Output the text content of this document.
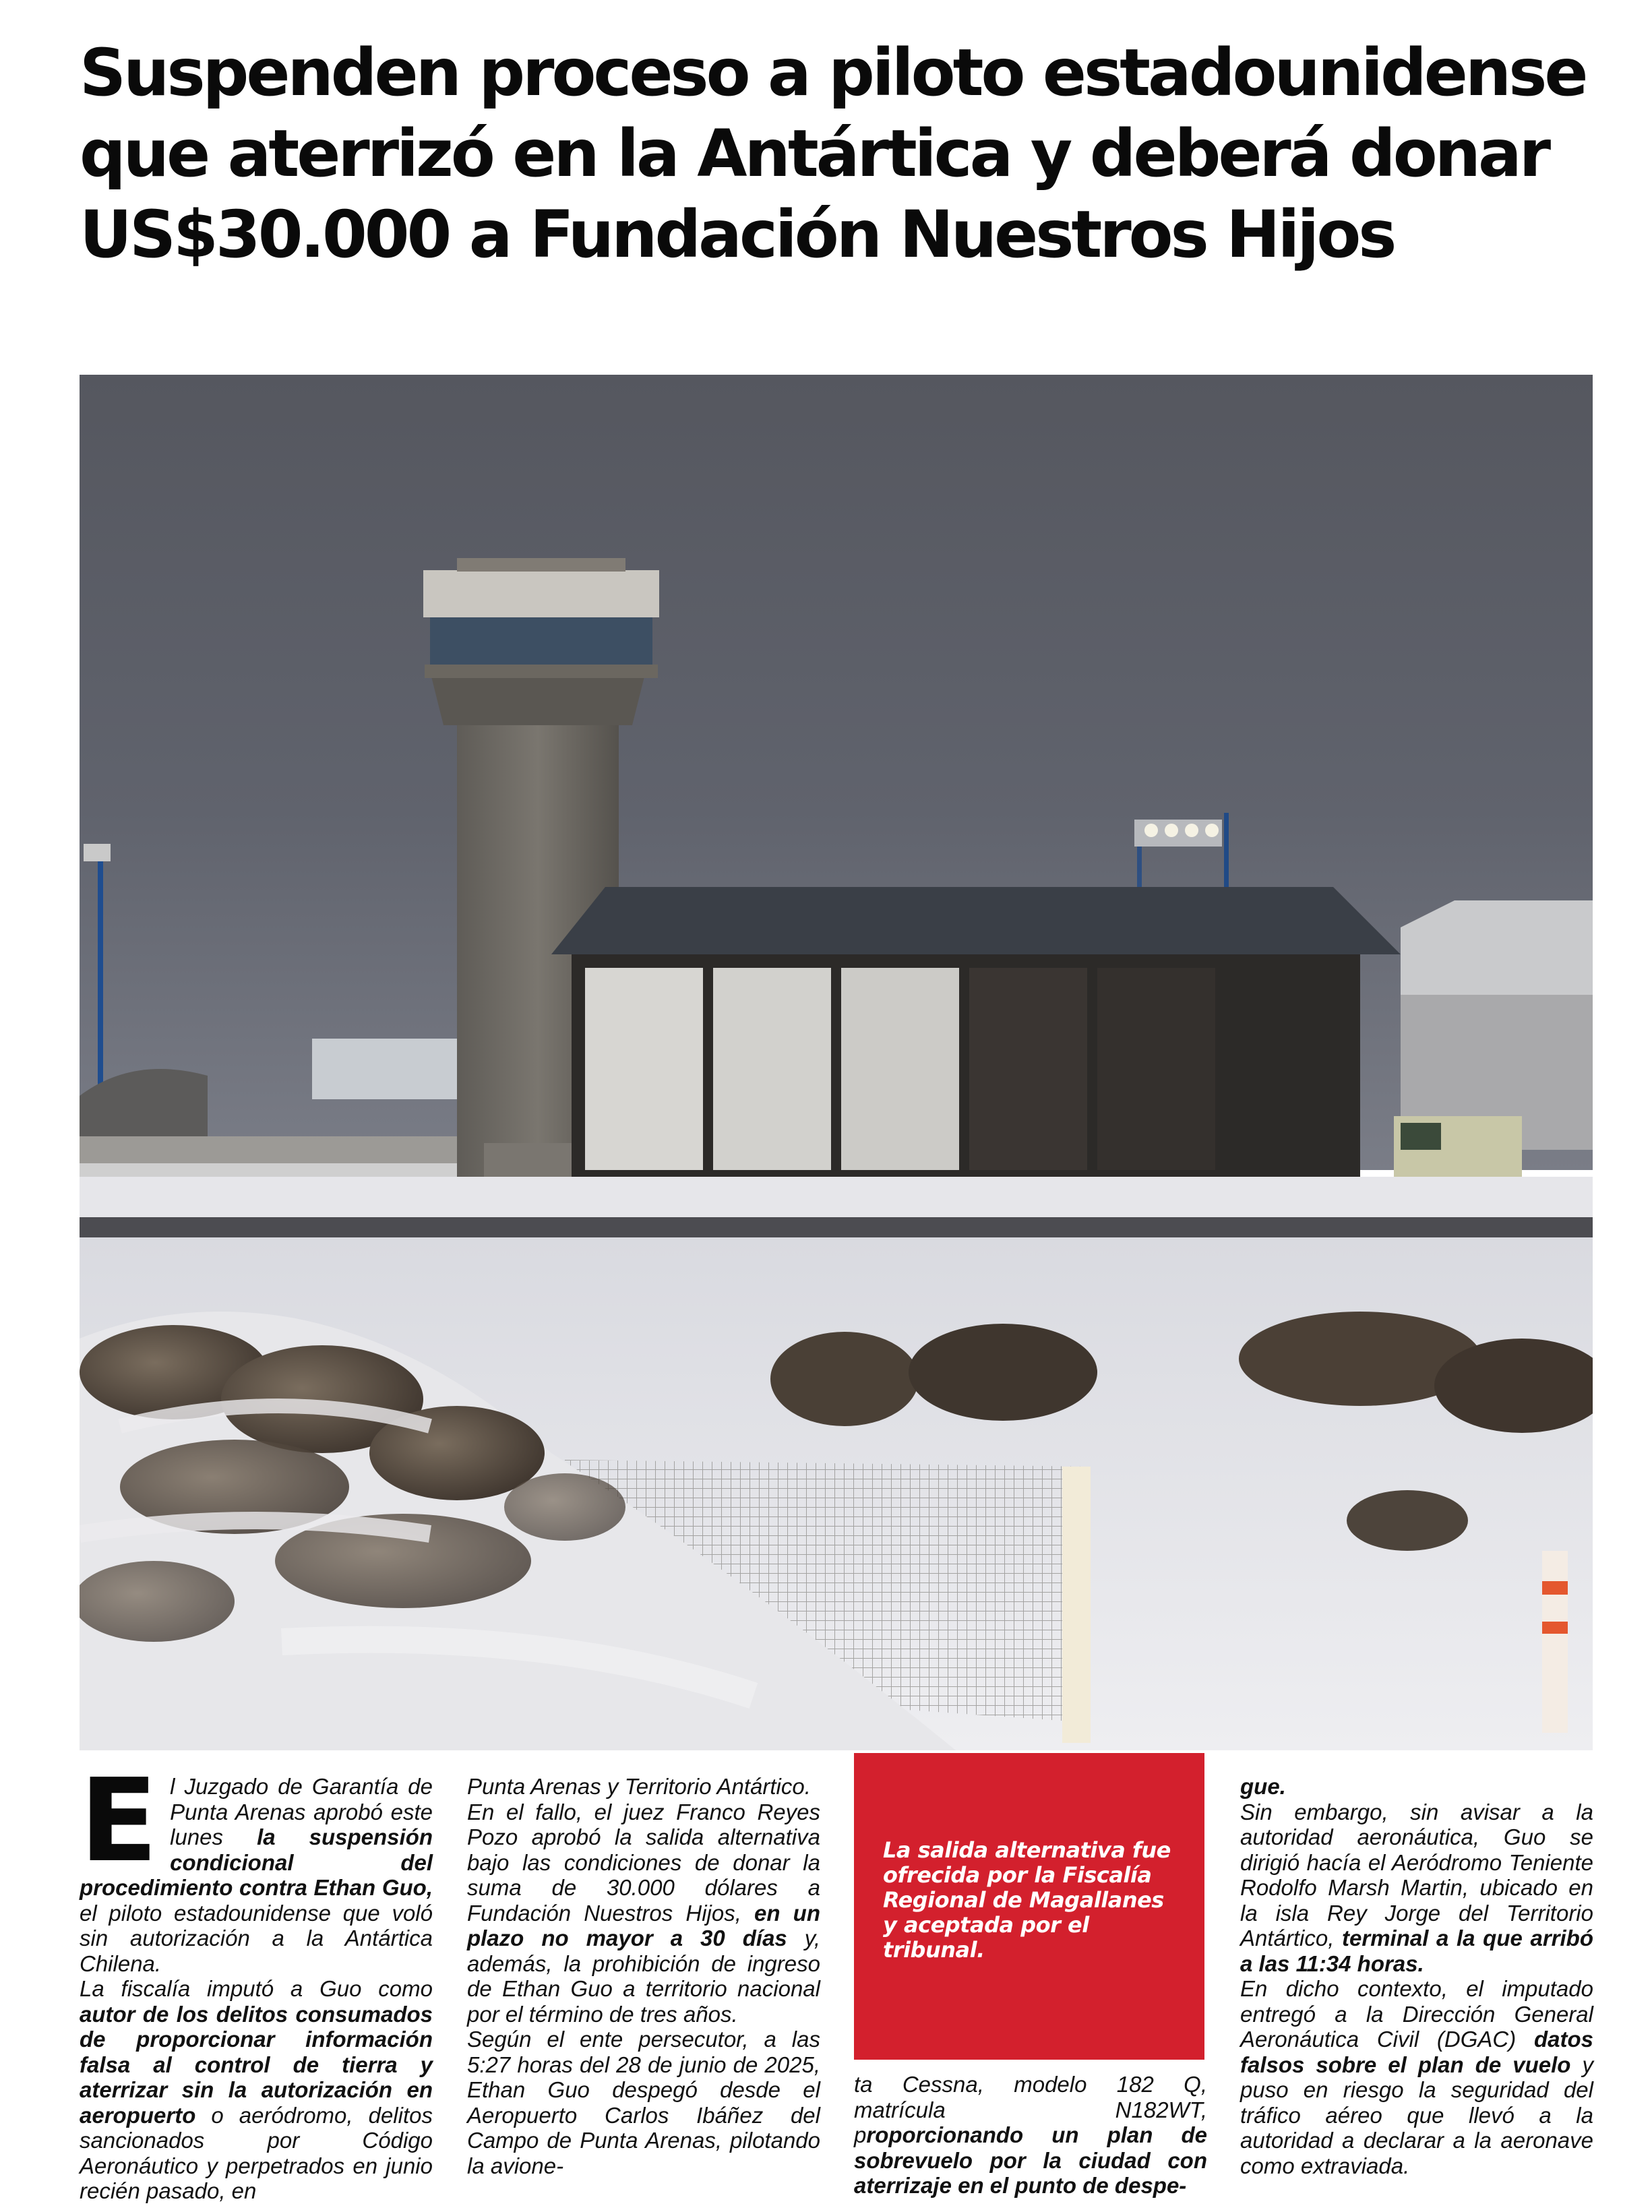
Suspenden proceso a piloto estadounidense que aterrizó en la Antártica y deberá donar US$30.000 a Fundación Nuestros Hijos
E l Juzgado de Garantía de Punta Arenas aprobó este lunes la suspensión condicional del procedimiento contra Ethan Guo, el piloto estadounidense que voló sin autorización a la Antártica Chilena.

La fiscalía imputó a Guo como autor de los delitos consumados de proporcionar información falsa al control de tierra y aterrizar sin la autorización en aeropuerto o aeródromo, delitos sancionados por Código Aeronáutico y perpetrados en junio recién pasado, en

Punta Arenas y Territorio Antártico.

En el fallo, el juez Franco Reyes Pozo aprobó la salida alternativa bajo las condiciones de donar la suma de 30.000 dólares a Fundación Nuestros Hijos, en un plazo no mayor a 30 días y, además, la prohibición de ingreso de Ethan Guo a territorio nacional por el término de tres años.

Según el ente persecutor, a las 5:27 horas del 28 de junio de 2025, Ethan Guo despegó desde el Aeropuerto Carlos Ibáñez del Campo de Punta Arenas, pilotando la avione-

La salida alternativa fue ofrecida por la Fiscalía Regional de Magallanes y aceptada por el tribunal.

ta Cessna, modelo 182 Q, matrícula N182WT, proporcionando un plan de sobrevuelo por la ciudad con aterrizaje en el punto de despe-

gue.

Sin embargo, sin avisar a la autoridad aeronáutica, Guo se dirigió hacía el Aeródromo Teniente Rodolfo Marsh Martin, ubicado en la isla Rey Jorge del Territorio Antártico, terminal a la que arribó a las 11:34 horas.

En dicho contexto, el imputado entregó a la Dirección General Aeronáutica Civil (DGAC) datos falsos sobre el plan de vuelo y puso en riesgo la seguridad del tráfico aéreo que llevó a la autoridad a declarar a la aeronave como extraviada.
